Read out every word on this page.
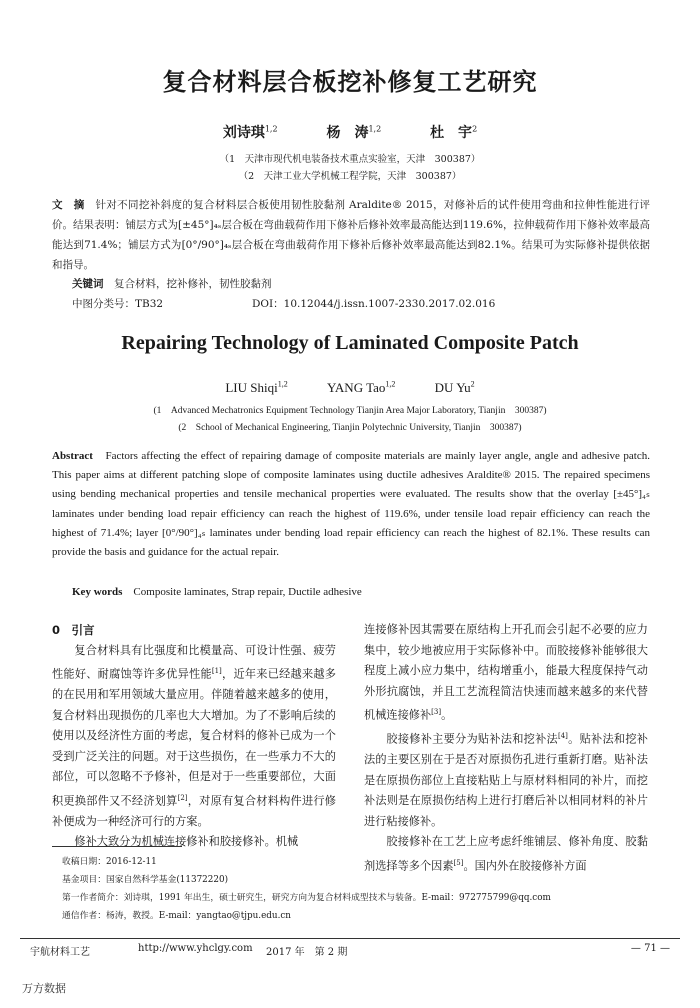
复合材料层合板挖补修复工艺研究
刘诗琪$^{1,2}$	杨　涛$^{1,2}$	杜　宇$^2$
（1　天津市现代机电装备技术重点实验室，天津　300387）
（2　天津工业大学机械工程学院，天津　300387）
文　摘　针对不同挖补斜度的复合材料层合板使用韧性胶黏剂 Araldite® 2015，对修补后的试件使用弯曲和拉伸性能进行评价。结果表明：铺层方式为[±45°]₄ₛ层合板在弯曲载荷作用下修补后修补效率最高能达到119.6%，拉伸载荷作用下修补效率最高能达到71.4%；铺层方式为[0°/90°]₄ₛ层合板在弯曲载荷作用下修补后修补效率最高能达到82.1%。结果可为实际修补提供依据和指导。
关键词　复合材料，挖补修补，韧性胶黏剂
中图分类号：TB32	DOI：10.12044/j.issn.1007-2330.2017.02.016
Repairing Technology of Laminated Composite Patch
LIU Shiqi$^{1,2}$	YANG Tao$^{1,2}$	DU Yu$^2$
(1　Advanced Mechatronics Equipment Technology Tianjin Area Major Laboratory, Tianjin　300387)
(2　School of Mechanical Engineering, Tianjin Polytechnic University, Tianjin　300387)
Abstract　Factors affecting the effect of repairing damage of composite materials are mainly layer angle, angle and adhesive patch. This paper aims at different patching slope of composite laminates using ductile adhesives Araldite® 2015. The repaired specimens using bending mechanical properties and tensile mechanical properties were evaluated. The results show that the overlay [±45°]₄ₛ laminates under bending load repair efficiency can reach the highest of 119.6%, under tensile load repair efficiency can reach the highest of 71.4%; layer [0°/90°]₄ₛ laminates under bending load repair efficiency can reach the highest of 82.1%. These results can provide the basis and guidance for the actual repair.
Key words　Composite laminates, Strap repair, Ductile adhesive
0　引言

复合材料具有比强度和比模量高、可设计性强、疲劳性能好、耐腐蚀等许多优异性能[1]，近年来已经越来越多的在民用和军用领域大量应用。伴随着越来越多的使用，复合材料出现损伤的几率也大大增加。为了不影响后续的使用以及经济性方面的考虑，复合材料的修补已成为一个受到广泛关注的问题。对于这些损伤，在一些承力不大的部位，可以忽略不予修补，但是对于一些重要部位，大面积更换部件又不经济划算[2]，对原有复合材料构件进行修补便成为一种经济可行的方案。

修补大致分为机械连接修补和胶接修补。机械

连接修补因其需要在原结构上开孔而会引起不必要的应力集中，较少地被应用于实际修补中。而胶接修补能够很大程度上减小应力集中，结构增重小，能最大程度保持气动外形抗腐蚀，并且工艺流程简洁快速而越来越多的来代替机械连接修补[3]。

胶接修补主要分为贴补法和挖补法[4]。贴补法和挖补法的主要区别在于是否对原损伤孔进行重新打磨。贴补法是在原损伤部位上直接粘贴上与原材料相同的补片，而挖补法则是在原损伤结构上进行打磨后补以相同材料的补片进行粘接修补。

胶接修补在工艺上应考虑纤维铺层、修补角度、胶黏剂选择等多个因素[5]。国内外在胶接修补方面

收稿日期：2016-12-11
基金项目：国家自然科学基金(11372220)
第一作者简介：刘诗琪，1991 年出生，硕士研究生，研究方向为复合材料成型技术与装备。E-mail：972775799@qq.com
通信作者：杨涛，教授。E-mail：yangtao@tjpu.edu.cn
宇航材料工艺	http://www.yhclgy.com 2017 年　第 2 期	— 71 —
万方数据
